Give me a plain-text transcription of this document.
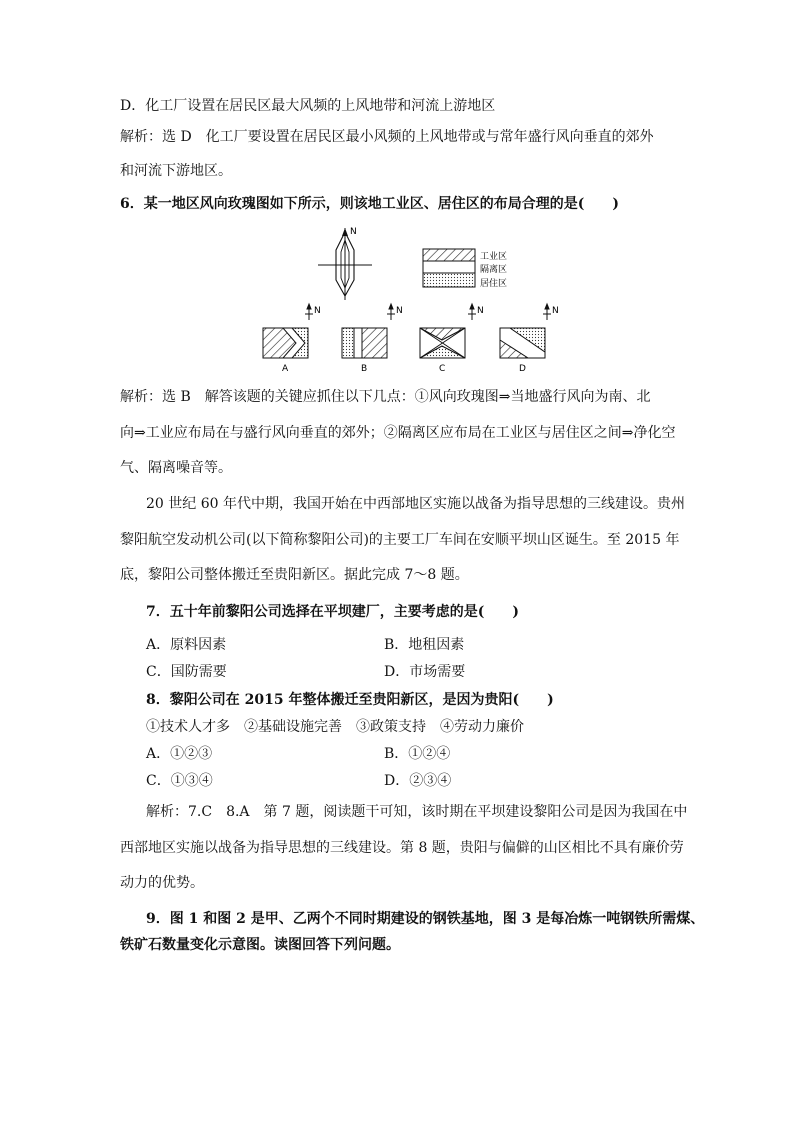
D．化工厂设置在居民区最大风频的上风地带和河流上游地区
解析：选 D　化工厂要设置在居民区最小风频的上风地带或与常年盛行风向垂直的郊外
和河流下游地区。
6．某一地区风向玫瑰图如下所示，则该地工业区、居住区的布局合理的是(　　)
N
工业区
隔离区
居住区
N	N	N	N
A	B	C	D
解析：选 B　解答该题的关键应抓住以下几点：①风向玫瑰图⇒当地盛行风向为南、北
向⇒工业应布局在与盛行风向垂直的郊外；②隔离区应布局在工业区与居住区之间⇒净化空
气、隔离噪音等。
20 世纪 60 年代中期，我国开始在中西部地区实施以战备为指导思想的三线建设。贵州
黎阳航空发动机公司(以下简称黎阳公司)的主要工厂车间在安顺平坝山区诞生。至 2015 年
底，黎阳公司整体搬迁至贵阳新区。据此完成 7～8 题。
7．五十年前黎阳公司选择在平坝建厂，主要考虑的是(　　)
A．原料因素	B．地租因素
C．国防需要	D．市场需要
8．黎阳公司在 2015 年整体搬迁至贵阳新区，是因为贵阳(　　)
①技术人才多　②基础设施完善　③政策支持　④劳动力廉价
A．①②③	B．①②④
C．①③④	D．②③④
解析：7.C　8.A　第 7 题，阅读题干可知，该时期在平坝建设黎阳公司是因为我国在中
西部地区实施以战备为指导思想的三线建设。第 8 题，贵阳与偏僻的山区相比不具有廉价劳
动力的优势。
9．图 1 和图 2 是甲、乙两个不同时期建设的钢铁基地，图 3 是每冶炼一吨钢铁所需煤、
铁矿石数量变化示意图。读图回答下列问题。
